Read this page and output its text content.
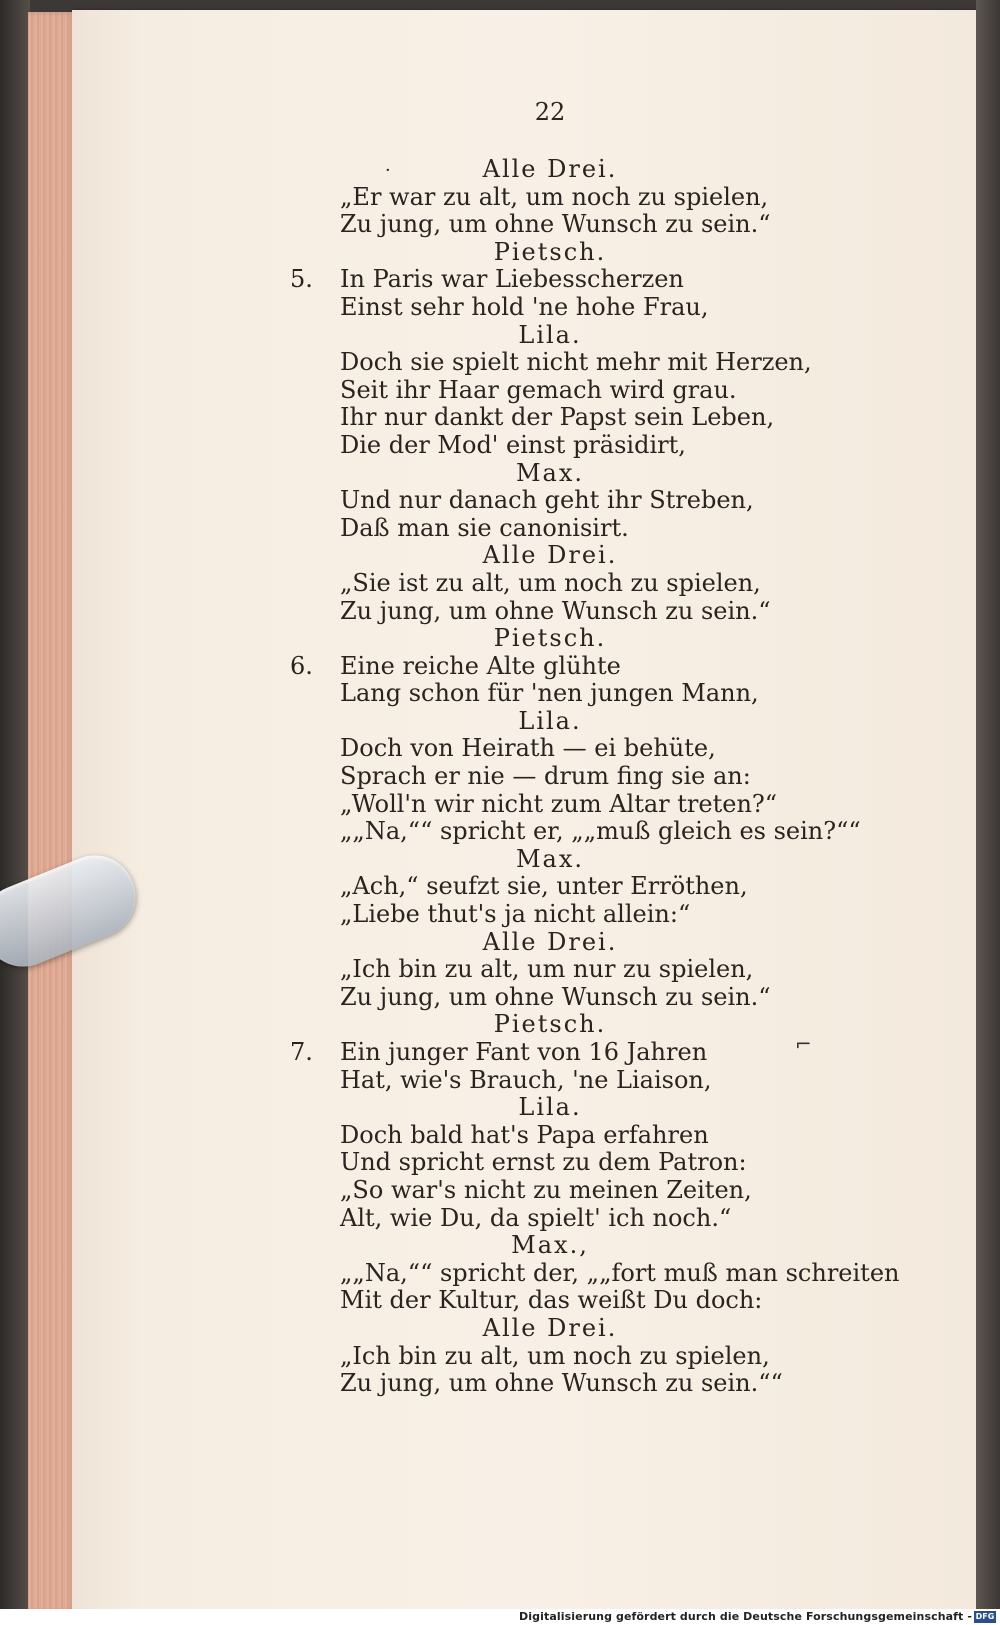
22
·
⌐
Alle Drei.
„Er war zu alt, um noch zu spielen,
Zu jung, um ohne Wunsch zu sein.“
Pietsch.
5. In Paris war Liebesscherzen
Einst sehr hold 'ne hohe Frau,
Lila.
Doch sie spielt nicht mehr mit Herzen,
Seit ihr Haar gemach wird grau.
Ihr nur dankt der Papst sein Leben,
Die der Mod' einst präsidirt,
Max.
Und nur danach geht ihr Streben,
Daß man sie canonisirt.
Alle Drei.
„Sie ist zu alt, um noch zu spielen,
Zu jung, um ohne Wunsch zu sein.“
Pietsch.
6. Eine reiche Alte glühte
Lang schon für 'nen jungen Mann,
Lila.
Doch von Heirath — ei behüte,
Sprach er nie — drum fing sie an:
„Woll'n wir nicht zum Altar treten?“
„„Na,““ spricht er, „„muß gleich es sein?““
Max.
„Ach,“ seufzt sie, unter Erröthen,
„Liebe thut's ja nicht allein:“
Alle Drei.
„Ich bin zu alt, um nur zu spielen,
Zu jung, um ohne Wunsch zu sein.“
Pietsch.
7. Ein junger Fant von 16 Jahren
Hat, wie's Brauch, 'ne Liaison,
Lila.
Doch bald hat's Papa erfahren
Und spricht ernst zu dem Patron:
„So war's nicht zu meinen Zeiten,
Alt, wie Du, da spielt' ich noch.“
Max.,
„„Na,““ spricht der, „„fort muß man schreiten
Mit der Kultur, das weißt Du doch:
Alle Drei.
„Ich bin zu alt, um noch zu spielen,
Zu jung, um ohne Wunsch zu sein.““
Digitalisierung gefördert durch die Deutsche Forschungsgemeinschaft - DFG
